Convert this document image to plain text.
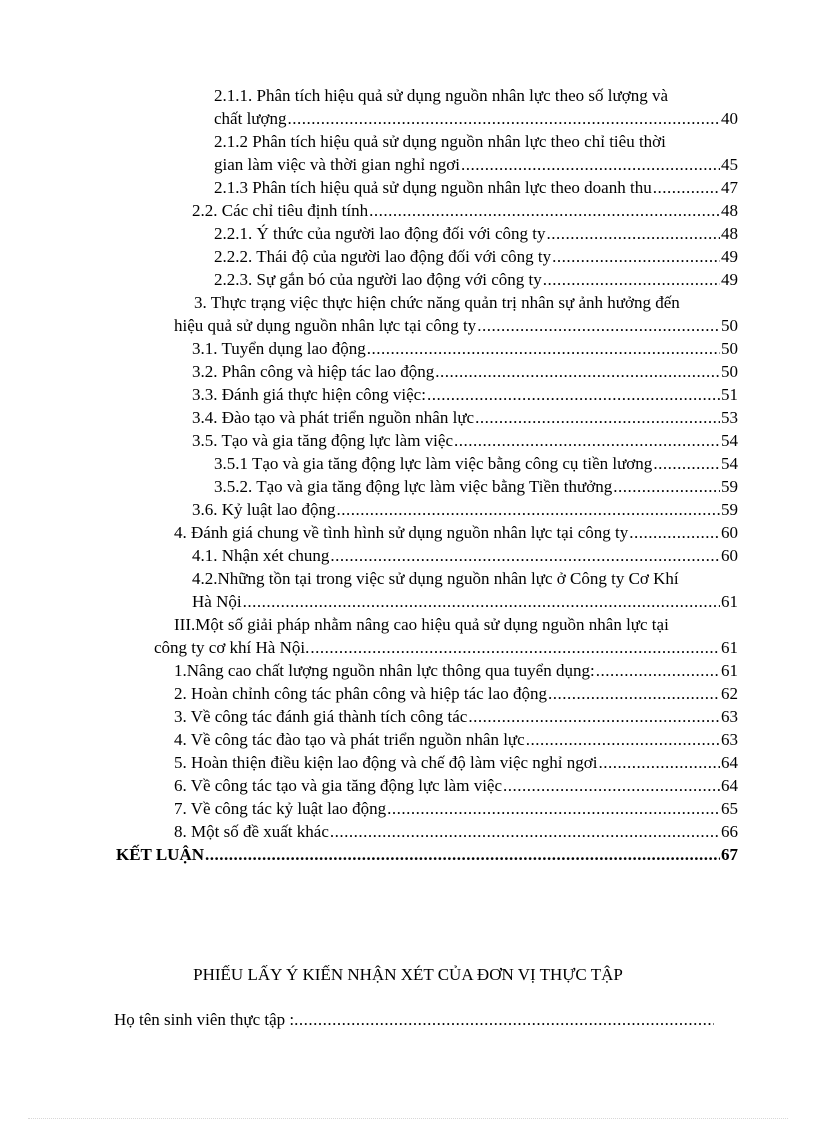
2.1.1. Phân tích hiệu quả sử dụng nguồn nhân lực theo số lượng và
chất lượng .....	40
2.1.2 Phân tích hiệu quả sử dụng nguồn nhân lực theo chỉ tiêu thời
gian làm việc và thời gian nghỉ ngơi .....	45
2.1.3 Phân tích hiệu quả sử dụng nguồn nhân lực theo doanh thu .....	47
2.2. Các chỉ tiêu định tính .....	48
2.2.1. Ý thức của người lao động đối với công ty .....	48
2.2.2. Thái độ của người lao động đối với công ty .....	49
2.2.3. Sự gắn bó của người lao động với công ty .....	49
3. Thực trạng việc thực hiện chức năng quản trị nhân sự ảnh hưởng đến
hiệu quả sử dụng nguồn nhân lực tại công ty .....	50
3.1. Tuyển dụng lao động .....	50
3.2. Phân công và hiệp tác lao động .....	50
3.3. Đánh giá thực hiện công việc: .....	51
3.4. Đào tạo và phát triển nguồn nhân lực .....	53
3.5. Tạo và gia tăng động lực làm việc .....	54
3.5.1 Tạo và gia tăng động lực làm việc bằng công cụ tiền lương .....	54
3.5.2. Tạo và gia tăng động lực làm việc bằng Tiền thưởng .....	59
3.6. Kỷ luật lao động .....	59
4. Đánh giá chung về tình hình sử dụng nguồn nhân lực tại công ty .....	60
4.1. Nhận xét chung .....	60
4.2.Những tồn tại trong việc sử dụng nguồn nhân lực ở Công ty Cơ Khí
Hà Nội .....	61
III.Một số giải pháp nhằm nâng cao hiệu quả sử dụng nguồn nhân lực tại
công ty cơ khí Hà Nội. .....	61
1.Nâng cao chất lượng nguồn nhân lực thông qua tuyển dụng: .....	61
2. Hoàn chỉnh công tác phân công và hiệp tác lao động .....	62
3. Về công tác đánh giá thành tích công tác .....	63
4. Về công tác đào tạo và phát triển nguồn nhân lực .....	63
5. Hoàn thiện điều kiện lao động và chế độ làm việc nghỉ ngơi .....	64
6. Về công tác tạo và gia tăng động lực làm việc .....	64
7. Về công tác kỷ luật lao động .....	65
8. Một số đề xuất khác .....	66
KẾT LUẬN .....	67
PHIẾU LẤY Ý KIẾN NHẬN XÉT CỦA ĐƠN VỊ THỰC TẬP
Họ tên sinh viên thực tập :
.....
